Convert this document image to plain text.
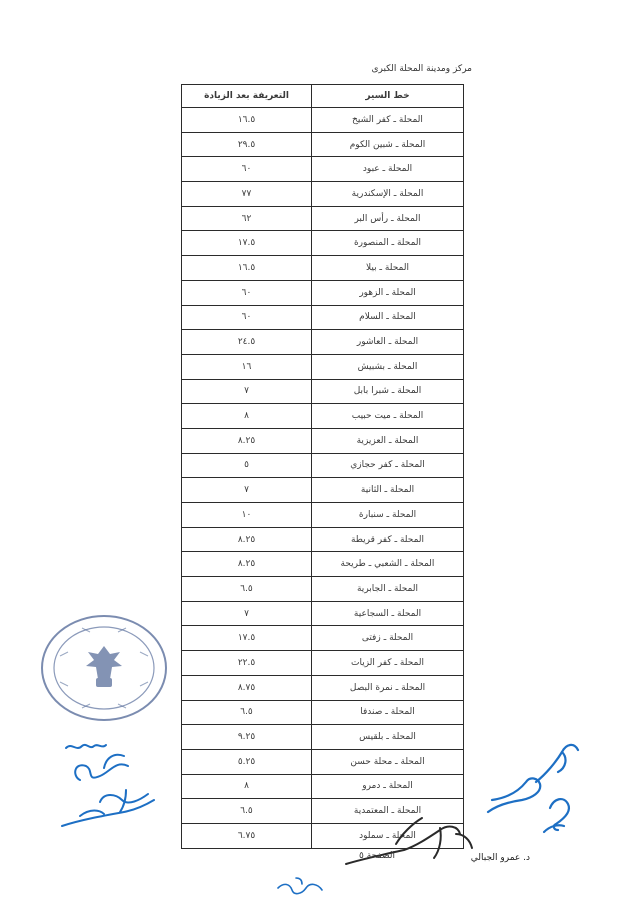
مركز ومدينة المحلة الكبرى
خط السير	التعريفة بعد الزيادة
المحلة ـ كفر الشيخ	١٦.٥
المحلة ـ شبين الكوم	٢٩.٥
المحلة ـ عبود	٦٠
المحلة ـ الإسكندرية	٧٧
المحلة ـ رأس البر	٦٢
المحلة ـ المنصورة	١٧.٥
المحلة ـ بيلا	١٦.٥
المحلة ـ الزهور	٦٠
المحلة ـ السلام	٦٠
المحلة ـ العاشور	٢٤.٥
المحلة ـ بشبيش	١٦
المحلة ـ شبرا بابل	٧
المحلة ـ ميت حبيب	٨
المحلة ـ العزيزية	٨.٢٥
المحلة ـ كفر حجازي	٥
المحلة ـ الثانية	٧
المحلة ـ سنبارة	١٠
المحلة ـ كفر قريطة	٨.٢٥
المحلة ـ الشعبي ـ طريحة	٨.٢٥
المحلة ـ الجابرية	٦.٥
المحلة ـ السجاعية	٧
المحلة ـ زفتى	١٧.٥
المحلة ـ كفر الزيات	٢٢.٥
المحلة ـ نمرة البصل	٨.٧٥
المحلة ـ صندفا	٦.٥
المحلة ـ بلقيس	٩.٢٥
المحلة ـ محلة حسن	٥.٢٥
المحلة ـ دمرو	٨
المحلة ـ المعتمدية	٦.٥
المحلة ـ سملود	٦.٧٥
الصفحة ٥	د. عمرو الجبالي
